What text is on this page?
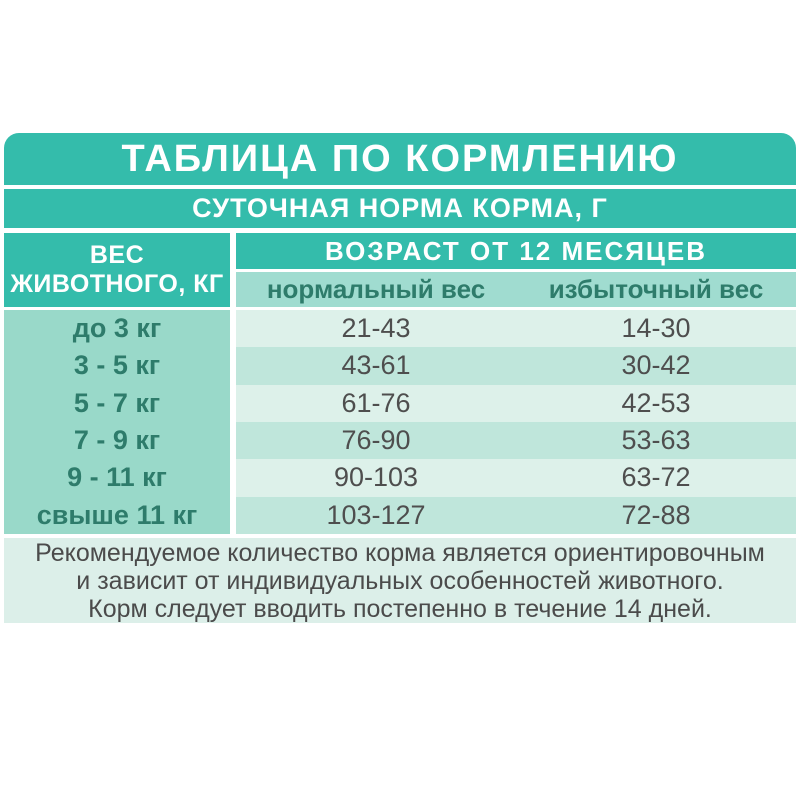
ТАБЛИЦА ПО КОРМЛЕНИЮ
СУТОЧНАЯ НОРМА КОРМА, Г
ВЕС
ЖИВОТНОГО, КГ
ВОЗРАСТ ОТ 12 МЕСЯЦЕВ
нормальный вес	избыточный вес
до 3 кг	21-43	14-30
3 - 5 кг	43-61	30-42
5 - 7 кг	61-76	42-53
7 - 9 кг	76-90	53-63
9 - 11 кг	90-103	63-72
свыше 11 кг	103-127	72-88
Рекомендуемое количество корма является ориентировочным
и зависит от индивидуальных особенностей животного.
Корм следует вводить постепенно в течение 14 дней.
